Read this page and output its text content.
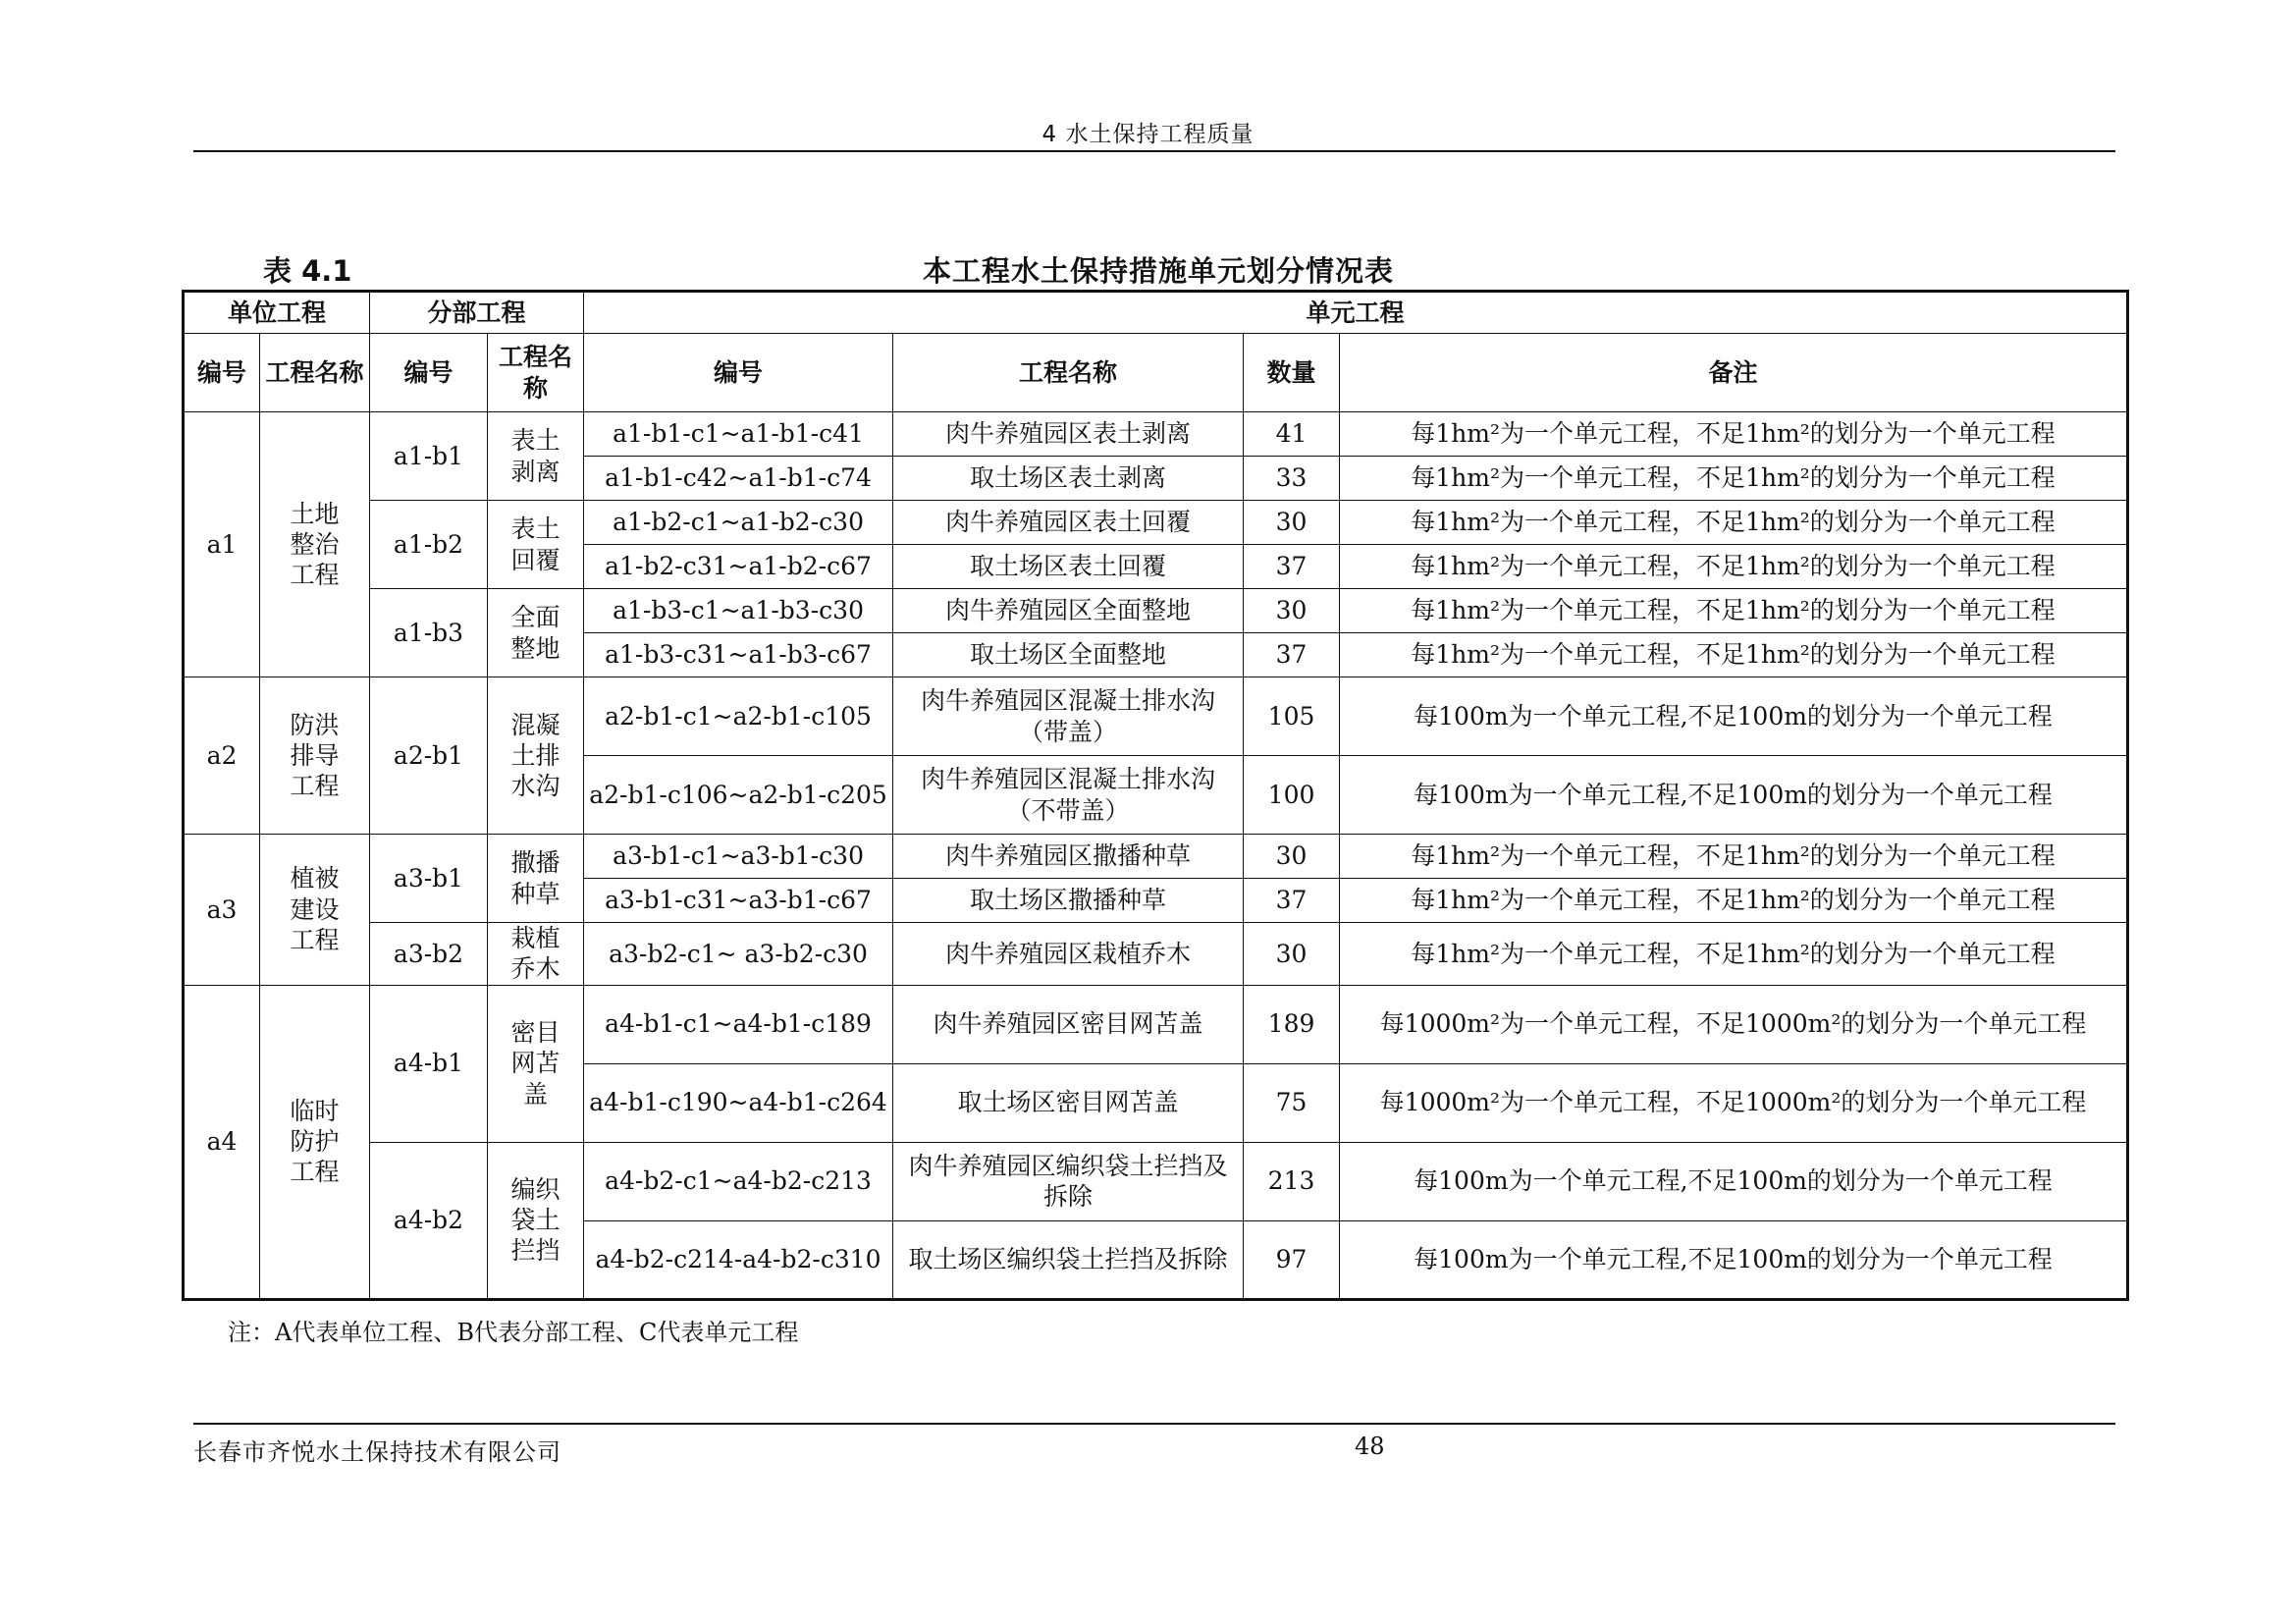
4 水土保持工程质量
表 4.1	本工程水土保持措施单元划分情况表
单位工程		分部工程		单元工程			
编号	工程名称	编号	工程名称	编号	工程名称	数量	备注
a1	土地整治工程	a1-b1	表土剥离	a1-b1-c1~a1-b1-c41	肉牛养殖园区表土剥离	41	每1hm²为一个单元工程，不足1hm²的划分为一个单元工程
				a1-b1-c42~a1-b1-c74	取土场区表土剥离	33	每1hm²为一个单元工程，不足1hm²的划分为一个单元工程
		a1-b2	表土回覆	a1-b2-c1~a1-b2-c30	肉牛养殖园区表土回覆	30	每1hm²为一个单元工程，不足1hm²的划分为一个单元工程
				a1-b2-c31~a1-b2-c67	取土场区表土回覆	37	每1hm²为一个单元工程，不足1hm²的划分为一个单元工程
		a1-b3	全面整地	a1-b3-c1~a1-b3-c30	肉牛养殖园区全面整地	30	每1hm²为一个单元工程，不足1hm²的划分为一个单元工程
				a1-b3-c31~a1-b3-c67	取土场区全面整地	37	每1hm²为一个单元工程，不足1hm²的划分为一个单元工程
a2	防洪排导工程	a2-b1	混凝土排水沟	a2-b1-c1~a2-b1-c105	肉牛养殖园区混凝土排水沟（带盖）	105	每100m为一个单元工程,不足100m的划分为一个单元工程
				a2-b1-c106~a2-b1-c205	肉牛养殖园区混凝土排水沟（不带盖）	100	每100m为一个单元工程,不足100m的划分为一个单元工程
a3	植被建设工程	a3-b1	撒播种草	a3-b1-c1~a3-b1-c30	肉牛养殖园区撒播种草	30	每1hm²为一个单元工程，不足1hm²的划分为一个单元工程
				a3-b1-c31~a3-b1-c67	取土场区撒播种草	37	每1hm²为一个单元工程，不足1hm²的划分为一个单元工程
		a3-b2	栽植乔木	a3-b2-c1~ a3-b2-c30	肉牛养殖园区栽植乔木	30	每1hm²为一个单元工程，不足1hm²的划分为一个单元工程
a4	临时防护工程	a4-b1	密目网苫盖	a4-b1-c1~a4-b1-c189	肉牛养殖园区密目网苫盖	189	每1000m²为一个单元工程，不足1000m²的划分为一个单元工程
				a4-b1-c190~a4-b1-c264	取土场区密目网苫盖	75	每1000m²为一个单元工程，不足1000m²的划分为一个单元工程
		a4-b2	编织袋土拦挡	a4-b2-c1~a4-b2-c213	肉牛养殖园区编织袋土拦挡及拆除	213	每100m为一个单元工程,不足100m的划分为一个单元工程
				a4-b2-c214-a4-b2-c310	取土场区编织袋土拦挡及拆除	97	每100m为一个单元工程,不足100m的划分为一个单元工程
注：A代表单位工程、B代表分部工程、C代表单元工程
长春市齐悦水土保持技术有限公司	48
